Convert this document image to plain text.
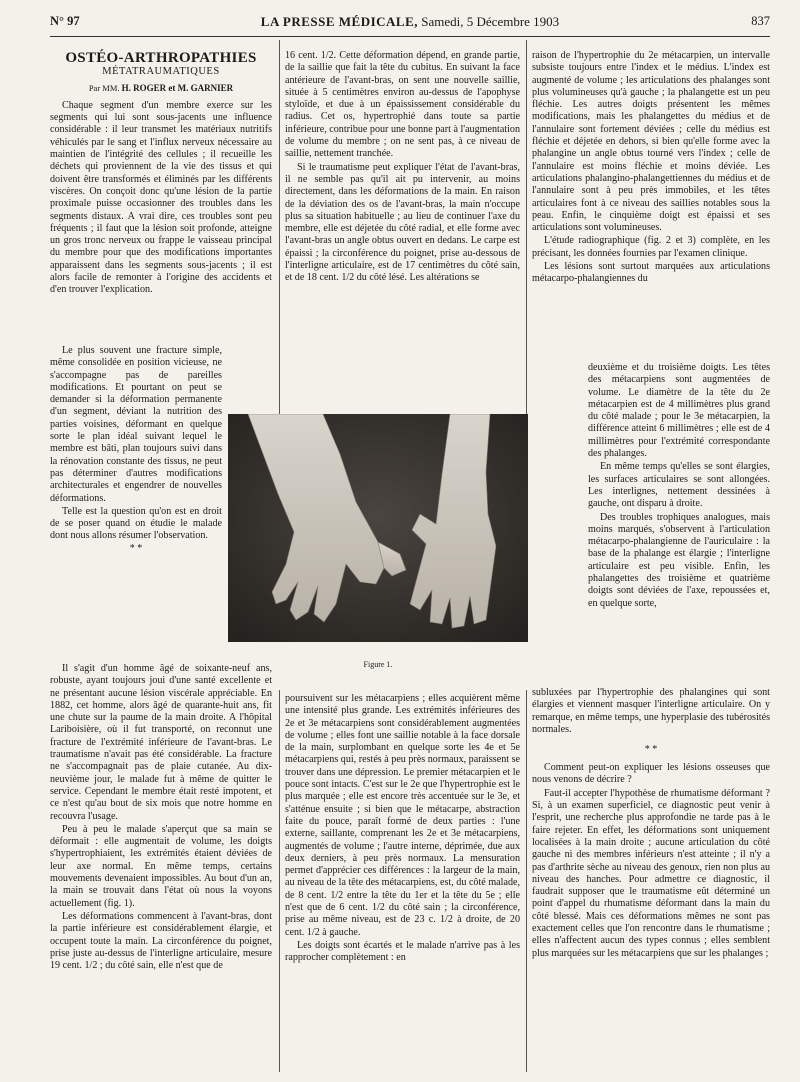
N° 97	LA PRESSE MÉDICALE, Samedi, 5 Décembre 1903	837
OSTÉO-ARTHROPATHIES
MÉTATRAUMATIQUES
Par MM. H. ROGER et M. GARNIER

Chaque segment d'un membre exerce sur les segments qui lui sont sous-jacents une influence considérable : il leur transmet les matériaux nutritifs véhiculés par le sang et l'influx nerveux nécessaire au maintien de l'intégrité des cellules ; il recueille les déchets qui proviennent de la vie des tissus et qui doivent être transformés et éliminés par les différents viscères. On conçoit donc qu'une lésion de la partie proximale puisse occasionner des troubles dans les segments distaux. A vrai dire, ces troubles sont peu fréquents ; il faut que la lésion soit profonde, atteigne un gros tronc nerveux ou frappe le vaisseau principal du membre pour que des modifications importantes apparaissent dans les segments sous-jacents ; il est alors facile de remonter à l'origine des accidents et d'en trouver l'explication.

Le plus souvent une fracture simple, même consolidée en position vicieuse, ne s'accompagne pas de pareilles modifications. Et pourtant on peut se demander si la déformation permanente d'un segment, déviant la nutrition des parties voisines, déformant en quelque sorte le plan idéal suivant lequel le membre est bâti, plan toujours suivi dans la rénovation constante des tissus, ne peut pas déterminer d'autres modifications architecturales et engendrer de nouvelles déformations.

Telle est la question qu'on est en droit de se poser quand on étudie le malade dont nous allons résumer l'observation.

* *

Il s'agit d'un homme âgé de soixante-neuf ans, robuste, ayant toujours joui d'une santé excellente et ne présentant aucune lésion viscérale appréciable. En 1882, cet homme, alors âgé de quarante-huit ans, fit une chute sur la paume de la main droite. A l'hôpital Lariboisière, où il fut transporté, on reconnut une fracture de l'extrémité inférieure de l'avant-bras. Le traumatisme n'avait pas été considérable. La fracture ne s'accompagnait pas de plaie cutanée. Au dix-neuvième jour, le malade fut à même de quitter le service. Cependant le membre était resté impotent, et ce n'est qu'au bout de six mois que notre homme en recouvra l'usage.

Peu à peu le malade s'aperçut que sa main se déformait : elle augmentait de volume, les doigts s'hypertrophiaient, les extrémités étaient déviées de leur axe normal. En même temps, certains mouvements devenaient impossibles. Au bout d'un an, la main se trouvait dans l'état où nous la voyons actuellement (fig. 1).

Les déformations commencent à l'avant-bras, dont la partie inférieure est considérablement élargie, et occupent toute la main. La circonférence du poignet, prise juste au-dessus de l'interligne articulaire, mesure 19 cent. 1/2 ; du côté sain, elle n'est que de

16 cent. 1/2. Cette déformation dépend, en grande partie, de la saillie que fait la tête du cubitus. En suivant la face antérieure de l'avant-bras, on sent une nouvelle saillie, située à 5 centimètres environ au-dessus de l'apophyse styloïde, et due à un épaississement considérable du radius. Cet os, hypertrophié dans toute sa partie inférieure, contribue pour une bonne part à l'augmentation de volume du membre ; on ne sent pas, à ce niveau de saillie, nettement tranchée.

Si le traumatisme peut expliquer l'état de l'avant-bras, il ne semble pas qu'il ait pu intervenir, au moins directement, dans les déformations de la main. En raison de la déviation des os de l'avant-bras, la main n'occupe plus sa situation habituelle ; au lieu de continuer l'axe du membre, elle est déjetée du côté radial, et elle forme avec l'avant-bras un angle obtus ouvert en dedans. Le carpe est épaissi ; la circonférence du poignet, prise au-dessous de l'interligne articulaire, est de 17 centimètres du côté sain, et de 18 cent. 1/2 du côté lésé. Les altérations se

raison de l'hypertrophie du 2e métacarpien, un intervalle subsiste toujours entre l'index et le médius. L'index est augmenté de volume ; les articulations des phalanges sont plus volumineuses qu'à gauche ; la phalangette est un peu fléchie. Les autres doigts présentent les mêmes modifications, mais les phalangettes du médius et de l'annulaire sont fortement déviées ; celle du médius est fléchie et déjetée en dehors, si bien qu'elle forme avec la phalangine un angle obtus tourné vers l'index ; celle de l'annulaire est moins fléchie et moins déviée. Les articulations phalangino-phalangettiennes du médius et de l'annulaire sont à peu près immobiles, et les têtes articulaires font à ce niveau des saillies notables sous la peau. Enfin, le cinquième doigt est épaissi et ses articulations sont volumineuses.

L'étude radiographique (fig. 2 et 3) complète, en les précisant, les données fournies par l'examen clinique.

Les lésions sont surtout marquées aux articulations métacarpo-phalangiennes du

deuxième et du troisième doigts. Les têtes des métacarpiens sont augmentées de volume. Le diamètre de la tête du 2e métacarpien est de 4 millimètres plus grand du côté malade ; pour le 3e métacarpien, la différence atteint 6 millimètres ; elle est de 4 millimètres pour l'extrémité correspondante des phalanges.

En même temps qu'elles se sont élargies, les surfaces articulaires se sont allongées. Les interlignes, nettement dessinées à gauche, ont disparu à droite.

Des troubles trophiques analogues, mais moins marqués, s'observent à l'articulation métacarpo-phalangienne de l'auriculaire : la base de la phalange est élargie ; l'interligne articulaire est peu visible. Enfin, les phalangettes des troisième et quatrième doigts sont déviées de l'axe, repoussées et, en quelque sorte,

Figure 1.

poursuivent sur les métacarpiens ; elles acquièrent même une intensité plus grande. Les extrémités inférieures des 2e et 3e métacarpiens sont considérablement augmentées de volume ; elles font une saillie notable à la face dorsale de la main, surplombant en quelque sorte les 4e et 5e métacarpiens qui, restés à peu près normaux, paraissent se trouver dans une dépression. Le premier métacarpien et le pouce sont intacts. C'est sur le 2e que l'hypertrophie est le plus marquée ; elle est encore très accentuée sur le 3e, et s'atténue ensuite ; si bien que le métacarpe, abstraction faite du pouce, paraît formé de deux parties : l'une externe, saillante, comprenant les 2e et 3e métacarpiens, augmentés de volume ; l'autre interne, déprimée, due aux deux derniers, à peu près normaux. La mensuration permet d'apprécier ces différences : la largeur de la main, au niveau de la tête des métacarpiens, est, du côté malade, de 8 cent. 1/2 entre la tête du 1er et la tête du 5e ; elle n'est que de 6 cent. 1/2 du côté sain ; la circonférence, prise au même niveau, est de 23 c. 1/2 à droite, de 20 cent. 1/2 à gauche.

Les doigts sont écartés et le malade n'arrive pas à les rapprocher complètement : en

subluxées par l'hypertrophie des phalangines qui sont élargies et viennent masquer l'interligne articulaire. On y remarque, en même temps, une hyperplasie des tubérosités normales.

* *

Comment peut-on expliquer les lésions osseuses que nous venons de décrire ?

Faut-il accepter l'hypothèse de rhumatisme déformant ? Si, à un examen superficiel, ce diagnostic peut venir à l'esprit, une recherche plus approfondie ne tarde pas à le faire rejeter. En effet, les déformations sont uniquement localisées à la main droite ; aucune articulation du côté gauche ni des membres inférieurs n'est atteinte ; il n'y a pas d'arthrite sèche au niveau des genoux, rien non plus au niveau des hanches. Pour admettre ce diagnostic, il faudrait supposer que le traumatisme eût déterminé un point d'appel du rhumatisme déformant dans la main du côté blessé. Mais ces déformations mêmes ne sont pas exactement celles que l'on rencontre dans le rhumatisme ; elles n'affectent aucun des types connus ; elles semblent plus marquées sur les métacarpiens que sur les phalanges ;
